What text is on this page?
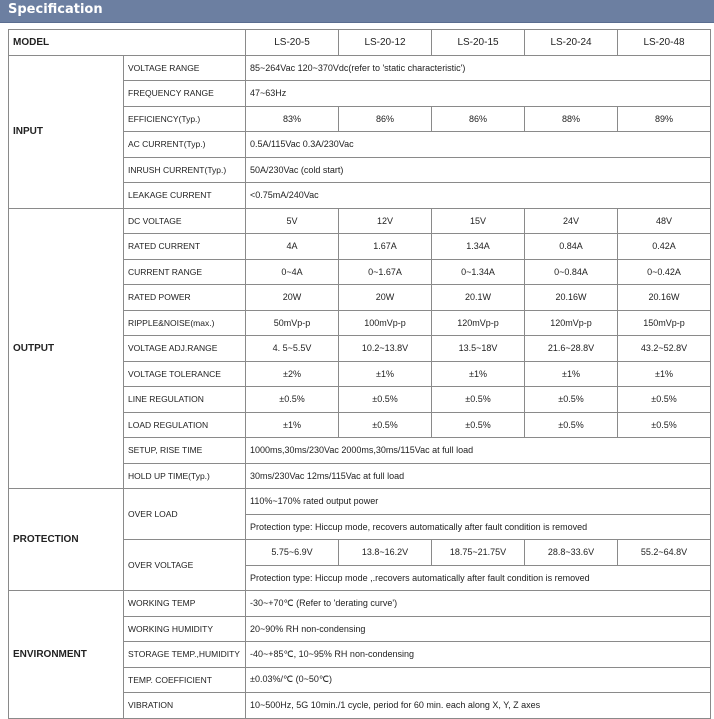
Specification
MODEL		LS-20-5	LS-20-12	LS-20-15	LS-20-24	LS-20-48
INPUT	VOLTAGE RANGE	85~264Vac 120~370Vdc(refer to 'static characteristic')				
	FREQUENCY RANGE	47~63Hz				
	EFFICIENCY(Typ.)	83%	86%	86%	88%	89%
	AC CURRENT(Typ.)	0.5A/115Vac 0.3A/230Vac				
	INRUSH CURRENT(Typ.)	50A/230Vac (cold start)				
	LEAKAGE CURRENT	<0.75mA/240Vac				
OUTPUT	DC VOLTAGE	5V	12V	15V	24V	48V
	RATED CURRENT	4A	1.67A	1.34A	0.84A	0.42A
	CURRENT RANGE	0~4A	0~1.67A	0~1.34A	0~0.84A	0~0.42A
	RATED POWER	20W	20W	20.1W	20.16W	20.16W
	RIPPLE&NOISE(max.)	50mVp-p	100mVp-p	120mVp-p	120mVp-p	150mVp-p
	VOLTAGE ADJ.RANGE	4. 5~5.5V	10.2~13.8V	13.5~18V	21.6~28.8V	43.2~52.8V
	VOLTAGE TOLERANCE	±2%	±1%	±1%	±1%	±1%
	LINE REGULATION	±0.5%	±0.5%	±0.5%	±0.5%	±0.5%
	LOAD REGULATION	±1%	±0.5%	±0.5%	±0.5%	±0.5%
	SETUP, RISE TIME	1000ms,30ms/230Vac 2000ms,30ms/115Vac at full load				
	HOLD UP TIME(Typ.)	30ms/230Vac 12ms/115Vac at full load				
PROTECTION	OVER LOAD	110%~170% rated output power				
		Protection type: Hiccup mode, recovers automatically after fault condition is removed				
	OVER VOLTAGE	5.75~6.9V	13.8~16.2V	18.75~21.75V	28.8~33.6V	55.2~64.8V
		Protection type: Hiccup mode ,.recovers automatically after fault condition is removed				
ENVIRONMENT	WORKING TEMP	-30~+70℃ (Refer to 'derating curve')				
	WORKING HUMIDITY	20~90% RH non-condensing				
	STORAGE TEMP.,HUMIDITY	-40~+85℃, 10~95% RH non-condensing				
	TEMP. COEFFICIENT	±0.03%/℃ (0~50℃)				
	VIBRATION	10~500Hz, 5G 10min./1 cycle, period for 60 min. each along X, Y, Z axes				
